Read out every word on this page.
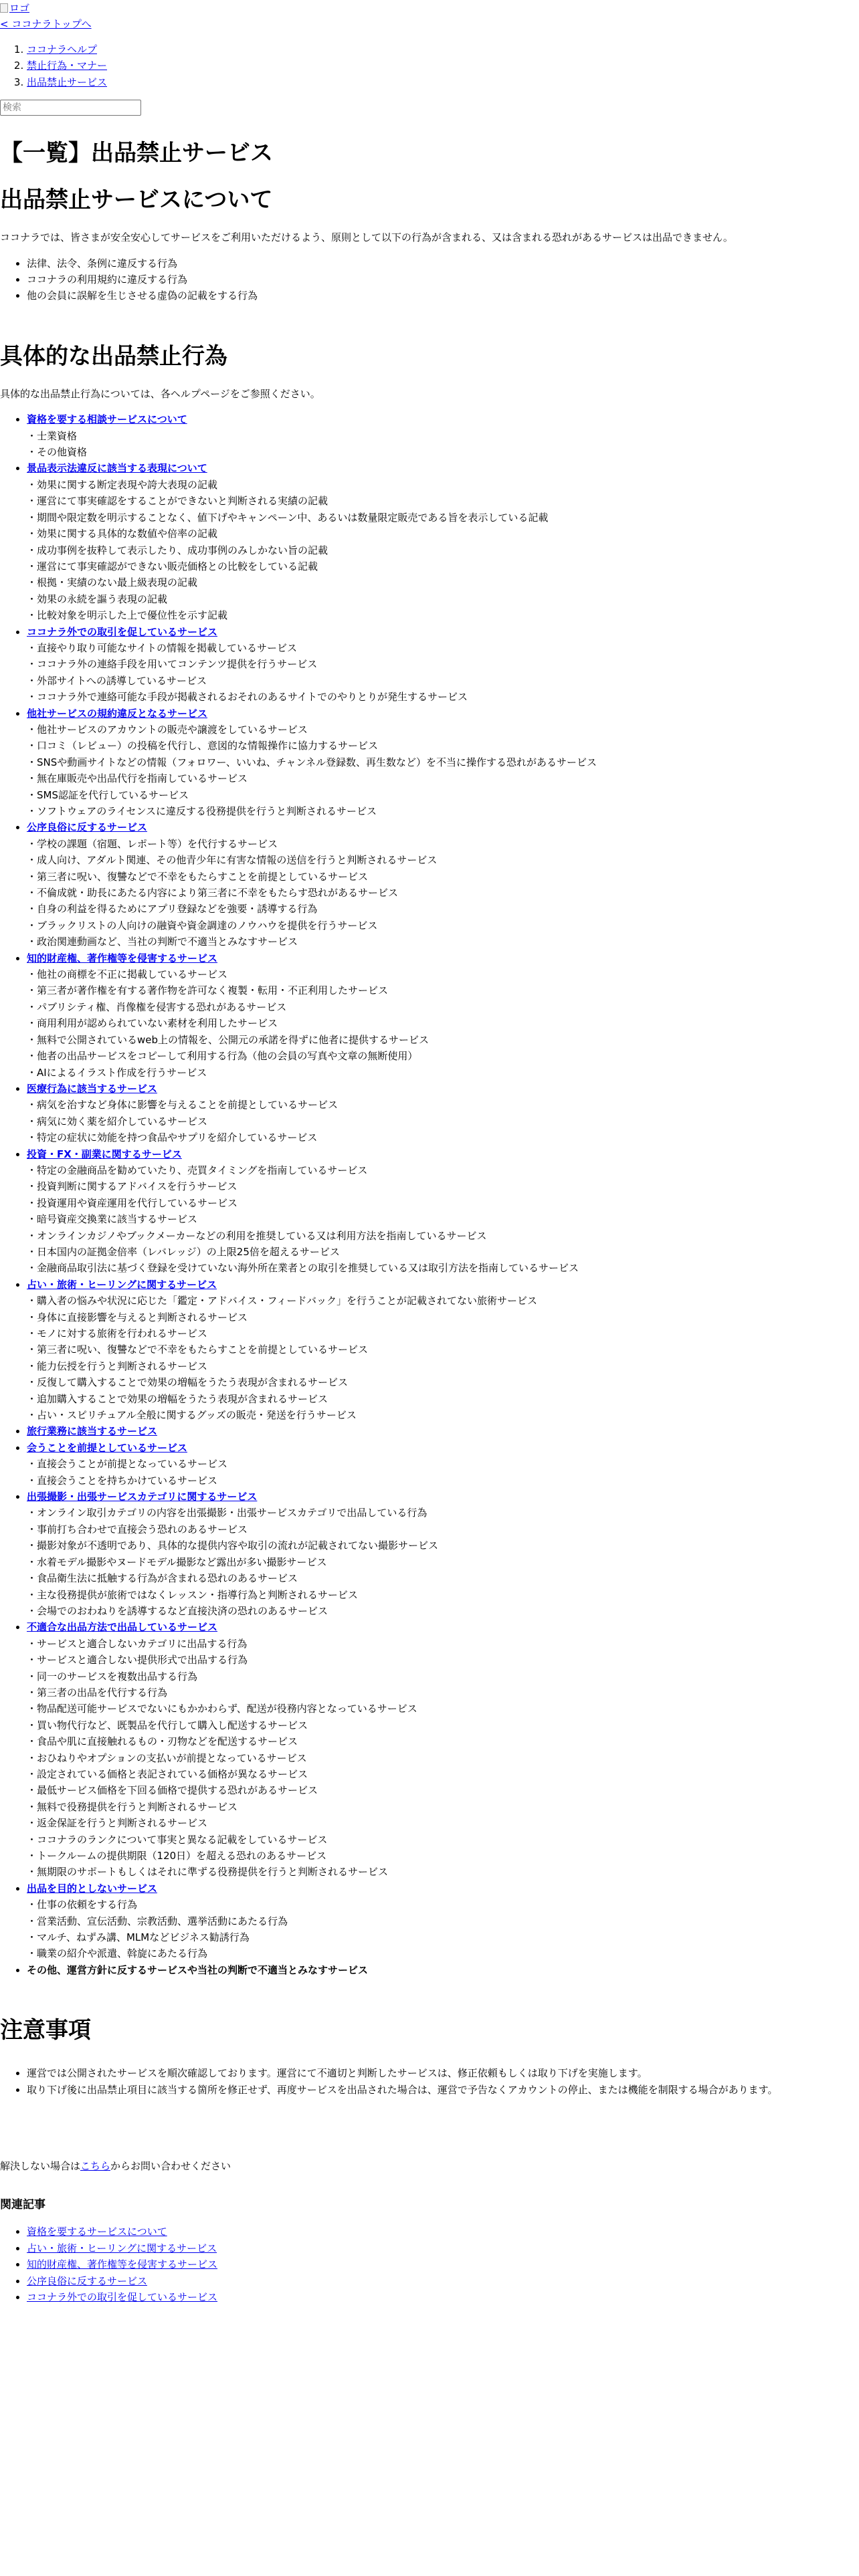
ロゴ
< ココナラトップへ
1. ココナラヘルプ
2. 禁止行為・マナー
3. 出品禁止サービス
検索
【一覧】出品禁止サービス
出品禁止サービスについて

ココナラでは、皆さまが安全安心してサービスをご利用いただけるよう、原則として以下の行為が含まれる、又は含まれる恐れがあるサービスは出品できません。

• 法律、法令、条例に違反する行為
• ココナラの利用規約に違反する行為
• 他の会員に誤解を生じさせる虚偽の記載をする行為
具体的な出品禁止行為

具体的な出品禁止行為については、各ヘルプページをご参照ください。

• 資格を要する相談サービスについて
・士業資格
・その他資格
• 景品表示法違反に該当する表現について
・効果に関する断定表現や誇大表現の記載
・運営にて事実確認をすることができないと判断される実績の記載
・期間や限定数を明示することなく、値下げやキャンペーン中、あるいは数量限定販売である旨を表示している記載
・効果に関する具体的な数値や倍率の記載
・成功事例を抜粋して表示したり、成功事例のみしかない旨の記載
・運営にて事実確認ができない販売価格との比較をしている記載
・根拠・実績のない最上級表現の記載
・効果の永続を謳う表現の記載
・比較対象を明示した上で優位性を示す記載
• ココナラ外での取引を促しているサービス
・直接やり取り可能なサイトの情報を掲載しているサービス
・ココナラ外の連絡手段を用いてコンテンツ提供を行うサービス
・外部サイトへの誘導しているサービス
・ココナラ外で連絡可能な手段が掲載されるおそれのあるサイトでのやりとりが発生するサービス
• 他社サービスの規約違反となるサービス
・他社サービスのアカウントの販売や譲渡をしているサービス
・口コミ（レビュー）の投稿を代行し、意図的な情報操作に協力するサービス
・SNSや動画サイトなどの情報（フォロワー、いいね、チャンネル登録数、再生数など）を不当に操作する恐れがあるサービス
・無在庫販売や出品代行を指南しているサービス
・SMS認証を代行しているサービス
・ソフトウェアのライセンスに違反する役務提供を行うと判断されるサービス
• 公序良俗に反するサービス
・学校の課題（宿題、レポート等）を代行するサービス
・成人向け、アダルト関連、その他青少年に有害な情報の送信を行うと判断されるサービス
・第三者に呪い、復讐などで不幸をもたらすことを前提としているサービス
・不倫成就・助長にあたる内容により第三者に不幸をもたらす恐れがあるサービス
・自身の利益を得るためにアプリ登録などを強要・誘導する行為
・ブラックリストの人向けの融資や資金調達のノウハウを提供を行うサービス
・政治関連動画など、当社の判断で不適当とみなすサービス
• 知的財産権、著作権等を侵害するサービス
・他社の商標を不正に掲載しているサービス
・第三者が著作権を有する著作物を許可なく複製・転用・不正利用したサービス
・パブリシティ権、肖像権を侵害する恐れがあるサービス
・商用利用が認められていない素材を利用したサービス
・無料で公開されているweb上の情報を、公開元の承諾を得ずに他者に提供するサービス
・他者の出品サービスをコピーして利用する行為（他の会員の写真や文章の無断使用）
・AIによるイラスト作成を行うサービス
• 医療行為に該当するサービス
・病気を治すなど身体に影響を与えることを前提としているサービス
・病気に効く薬を紹介しているサービス
・特定の症状に効能を持つ食品やサプリを紹介しているサービス
• 投資・FX・副業に関するサービス
・特定の金融商品を勧めていたり、売買タイミングを指南しているサービス
・投資判断に関するアドバイスを行うサービス
・投資運用や資産運用を代行しているサービス
・暗号資産交換業に該当するサービス
・オンラインカジノやブックメーカーなどの利用を推奨している又は利用方法を指南しているサービス
・日本国内の証拠金倍率（レバレッジ）の上限25倍を超えるサービス
・金融商品取引法に基づく登録を受けていない海外所在業者との取引を推奨している又は取引方法を指南しているサービス
• 占い・旅術・ヒーリングに関するサービス
・購入者の悩みや状況に応じた「鑑定・アドバイス・フィードバック」を行うことが記載されてない旅術サービス
・身体に直接影響を与えると判断されるサービス
・モノに対する旅術を行われるサービス
・第三者に呪い、復讐などで不幸をもたらすことを前提としているサービス
・能力伝授を行うと判断されるサービス
・反復して購入することで効果の増幅をうたう表現が含まれるサービス
・追加購入することで効果の増幅をうたう表現が含まれるサービス
・占い・スピリチュアル全般に関するグッズの販売・発送を行うサービス
• 旅行業務に該当するサービス
• 会うことを前提としているサービス
・直接会うことが前提となっているサービス
・直接会うことを持ちかけているサービス
• 出張撮影・出張サービスカテゴリに関するサービス
・オンライン取引カテゴリの内容を出張撮影・出張サービスカテゴリで出品している行為
・事前打ち合わせで直接会う恐れのあるサービス
・撮影対象が不透明であり、具体的な提供内容や取引の流れが記載されてない撮影サービス
・水着モデル撮影やヌードモデル撮影など露出が多い撮影サービス
・食品衛生法に抵触する行為が含まれる恐れのあるサービス
・主な役務提供が旅術ではなくレッスン・指導行為と判断されるサービス
・会場でのおわねりを誘導するなど直接決済の恐れのあるサービス
• 不適合な出品方法で出品しているサービス
・サービスと適合しないカテゴリに出品する行為
・サービスと適合しない提供形式で出品する行為
・同一のサービスを複数出品する行為
・第三者の出品を代行する行為
・物品配送可能サービスでないにもかかわらず、配送が役務内容となっているサービス
・買い物代行など、既製品を代行して購入し配送するサービス
・食品や肌に直接触れるもの・刃物などを配送するサービス
・おひねりやオプションの支払いが前提となっているサービス
・設定されている価格と表記されている価格が異なるサービス
・最低サービス価格を下回る価格で提供する恐れがあるサービス
・無料で役務提供を行うと判断されるサービス
・返金保証を行うと判断されるサービス
・ココナラのランクについて事実と異なる記載をしているサービス
・トークルームの提供期限（120日）を超える恐れのあるサービス
・無期限のサポートもしくはそれに準ずる役務提供を行うと判断されるサービス
• 出品を目的としないサービス
・仕事の依頼をする行為
・営業活動、宣伝活動、宗教活動、選挙活動にあたる行為
・マルチ、ねずみ講、MLMなどビジネス勧誘行為
・職業の紹介や派遣、斡旋にあたる行為
• その他、運営方針に反するサービスや当社の判断で不適当とみなすサービス
注意事項
• 運営では公開されたサービスを順次確認しております。運営にて不適切と判断したサービスは、修正依頼もしくは取り下げを実施します。
• 取り下げ後に出品禁止項目に該当する箇所を修正せず、再度サービスを出品された場合は、運営で予告なくアカウントの停止、または機能を制限する場合があります。

解決しない場合はこちらからお問い合わせください

関連記事
• 資格を要するサービスについて
• 占い・旅術・ヒーリングに関するサービス
• 知的財産権、著作権等を侵害するサービス
• 公序良俗に反するサービス
• ココナラ外での取引を促しているサービス
